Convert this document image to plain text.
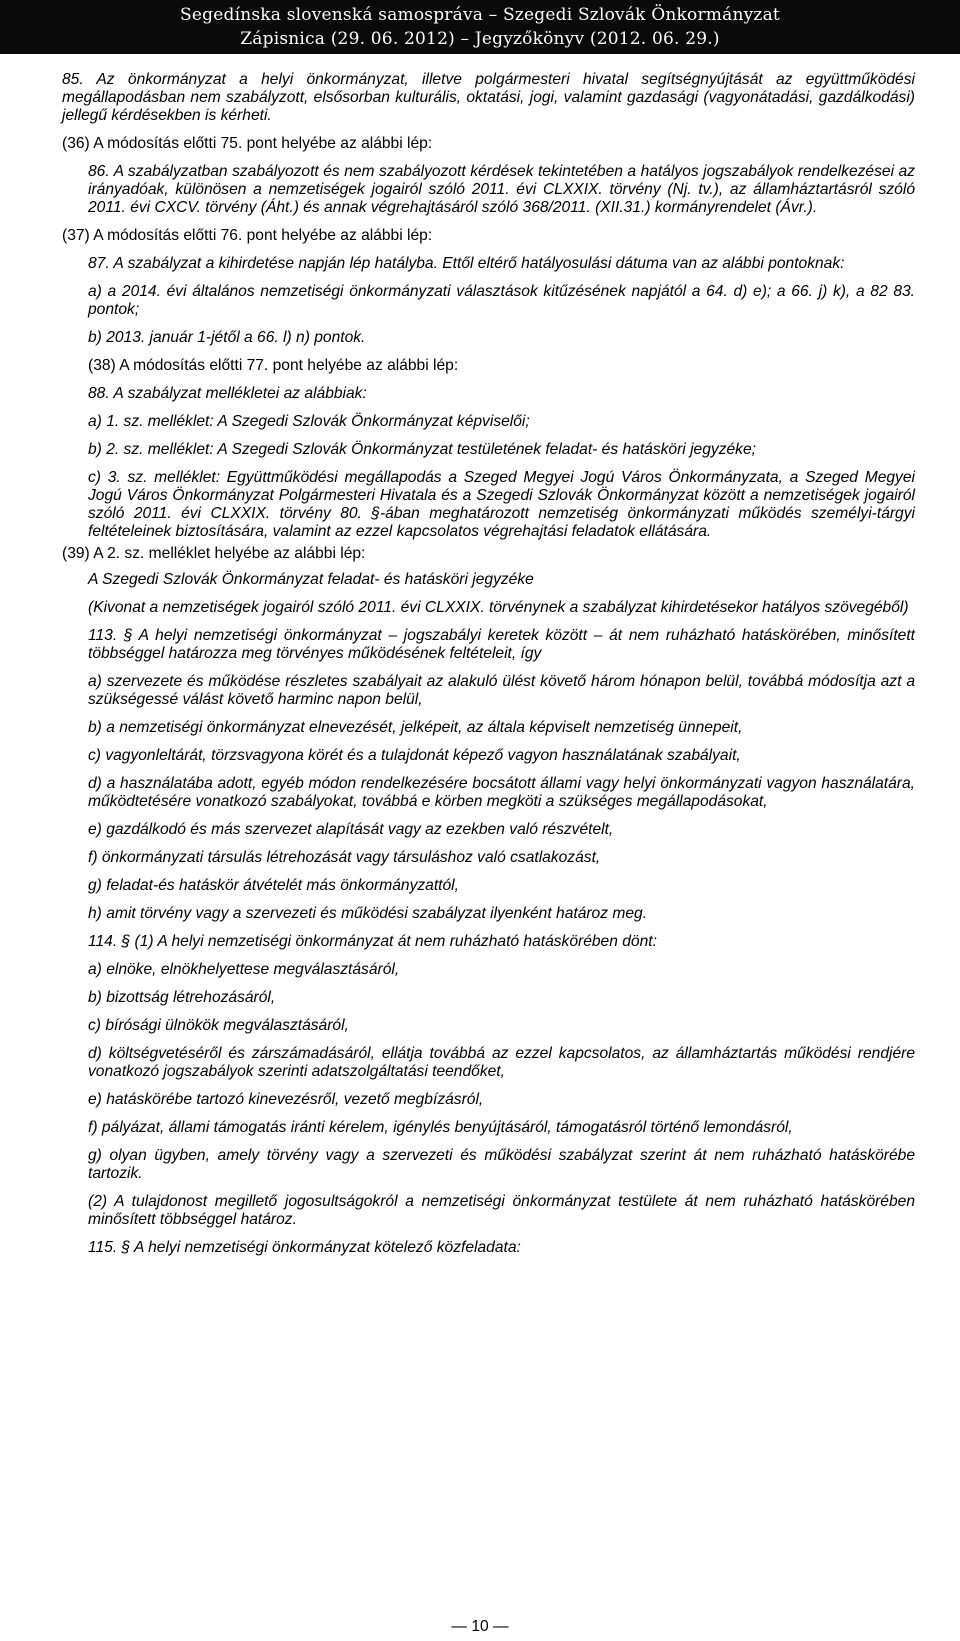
Segedínska slovenská samospráva – Szegedi Szlovák Önkormányzat
Zápisnica (29. 06. 2012) – Jegyzőkönyv (2012. 06. 29.)

85. Az önkormányzat a helyi önkormányzat, illetve polgármesteri hivatal segítségnyújtását az együttműködési megállapodásban nem szabályzott, elsősorban kulturális, oktatási, jogi, valamint gazdasági (vagyonátadási, gazdálkodási) jellegű kérdésekben is kérheti.

(36) A módosítás előtti 75. pont helyébe az alábbi lép:

86. A szabályzatban szabályozott és nem szabályozott kérdések tekintetében a hatályos jogszabályok rendelkezései az irányadóak, különösen a nemzetiségek jogairól szóló 2011. évi CLXXIX. törvény (Nj. tv.), az államháztartásról szóló 2011. évi CXCV. törvény (Áht.) és annak végrehajtásáról szóló 368/2011. (XII.31.) kormányrendelet (Ávr.).

(37) A módosítás előtti 76. pont helyébe az alábbi lép:

87. A szabályzat a kihirdetése napján lép hatályba. Ettől eltérő hatályosulási dátuma van az alábbi pontoknak:

a) a 2014. évi általános nemzetiségi önkormányzati választások kitűzésének napjától a 64. d) e); a 66. j) k), a 82 83. pontok;

b) 2013. január 1-jétől a 66. l) n) pontok.

(38) A módosítás előtti 77. pont helyébe az alábbi lép:

88. A szabályzat mellékletei az alábbiak:

a) 1. sz. melléklet: A Szegedi Szlovák Önkormányzat képviselői;

b) 2. sz. melléklet: A Szegedi Szlovák Önkormányzat testületének feladat- és hatásköri jegyzéke;

c) 3. sz. melléklet: Együttműködési megállapodás a Szeged Megyei Jogú Város Önkormányzata, a Szeged Megyei Jogú Város Önkormányzat Polgármesteri Hivatala és a Szegedi Szlovák Önkormányzat között a nemzetiségek jogairól szóló 2011. évi CLXXIX. törvény 80. §-ában meghatározott nemzetiség önkormányzati működés személyi-tárgyi feltételeinek biztosítására, valamint az ezzel kapcsolatos végrehajtási feladatok ellátására.

(39) A 2. sz. melléklet helyébe az alábbi lép:

A Szegedi Szlovák Önkormányzat feladat- és hatásköri jegyzéke

(Kivonat a nemzetiségek jogairól szóló 2011. évi CLXXIX. törvénynek a szabályzat kihirdetésekor hatályos szövegéből)

113. § A helyi nemzetiségi önkormányzat – jogszabályi keretek között – át nem ruházható hatáskörében, minősített többséggel határozza meg törvényes működésének feltételeit, így

a) szervezete és működése részletes szabályait az alakuló ülést követő három hónapon belül, továbbá módosítja azt a szükségessé válást követő harminc napon belül,

b) a nemzetiségi önkormányzat elnevezését, jelképeit, az általa képviselt nemzetiség ünnepeit,

c) vagyonleltárát, törzsvagyona körét és a tulajdonát képező vagyon használatának szabályait,

d) a használatába adott, egyéb módon rendelkezésére bocsátott állami vagy helyi önkormányzati vagyon használatára, működtetésére vonatkozó szabályokat, továbbá e körben megköti a szükséges megállapodásokat,

e) gazdálkodó és más szervezet alapítását vagy az ezekben való részvételt,

f) önkormányzati társulás létrehozását vagy társuláshoz való csatlakozást,

g) feladat-és hatáskör átvételét más önkormányzattól,

h) amit törvény vagy a szervezeti és működési szabályzat ilyenként határoz meg.

114. § (1) A helyi nemzetiségi önkormányzat át nem ruházható hatáskörében dönt:

a) elnöke, elnökhelyettese megválasztásáról,

b) bizottság létrehozásáról,

c) bírósági ülnökök megválasztásáról,

d) költségvetéséről és zárszámadásáról, ellátja továbbá az ezzel kapcsolatos, az államháztartás működési rendjére vonatkozó jogszabályok szerinti adatszolgáltatási teendőket,

e) hatáskörébe tartozó kinevezésről, vezető megbízásról,

f) pályázat, állami támogatás iránti kérelem, igénylés benyújtásáról, támogatásról történő lemondásról,

g) olyan ügyben, amely törvény vagy a szervezeti és működési szabályzat szerint át nem ruházható hatáskörébe tartozik.

(2) A tulajdonost megillető jogosultságokról a nemzetiségi önkormányzat testülete át nem ruházható hatáskörében minősített többséggel határoz.

115. § A helyi nemzetiségi önkormányzat kötelező közfeladata:

— 10 —
